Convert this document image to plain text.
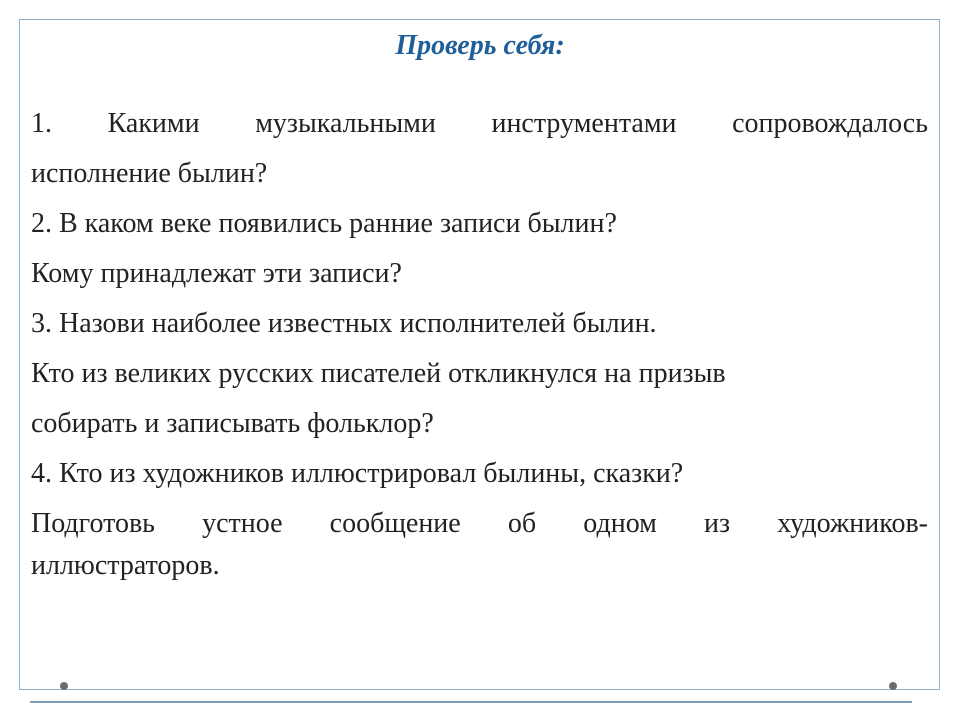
Проверь себя:

1. Какими музыкальными инструментами сопровождалось

исполнение былин?

2. В каком веке появились ранние записи былин?

Кому принадлежат эти записи?

3. Назови наиболее известных исполнителей былин.

Кто из великих русских писателей откликнулся на призыв

собирать и записывать фольклор?

4. Кто из художников иллюстрировал былины, сказки?

Подготовь устное сообщение об одном из художников-

иллюстраторов.
